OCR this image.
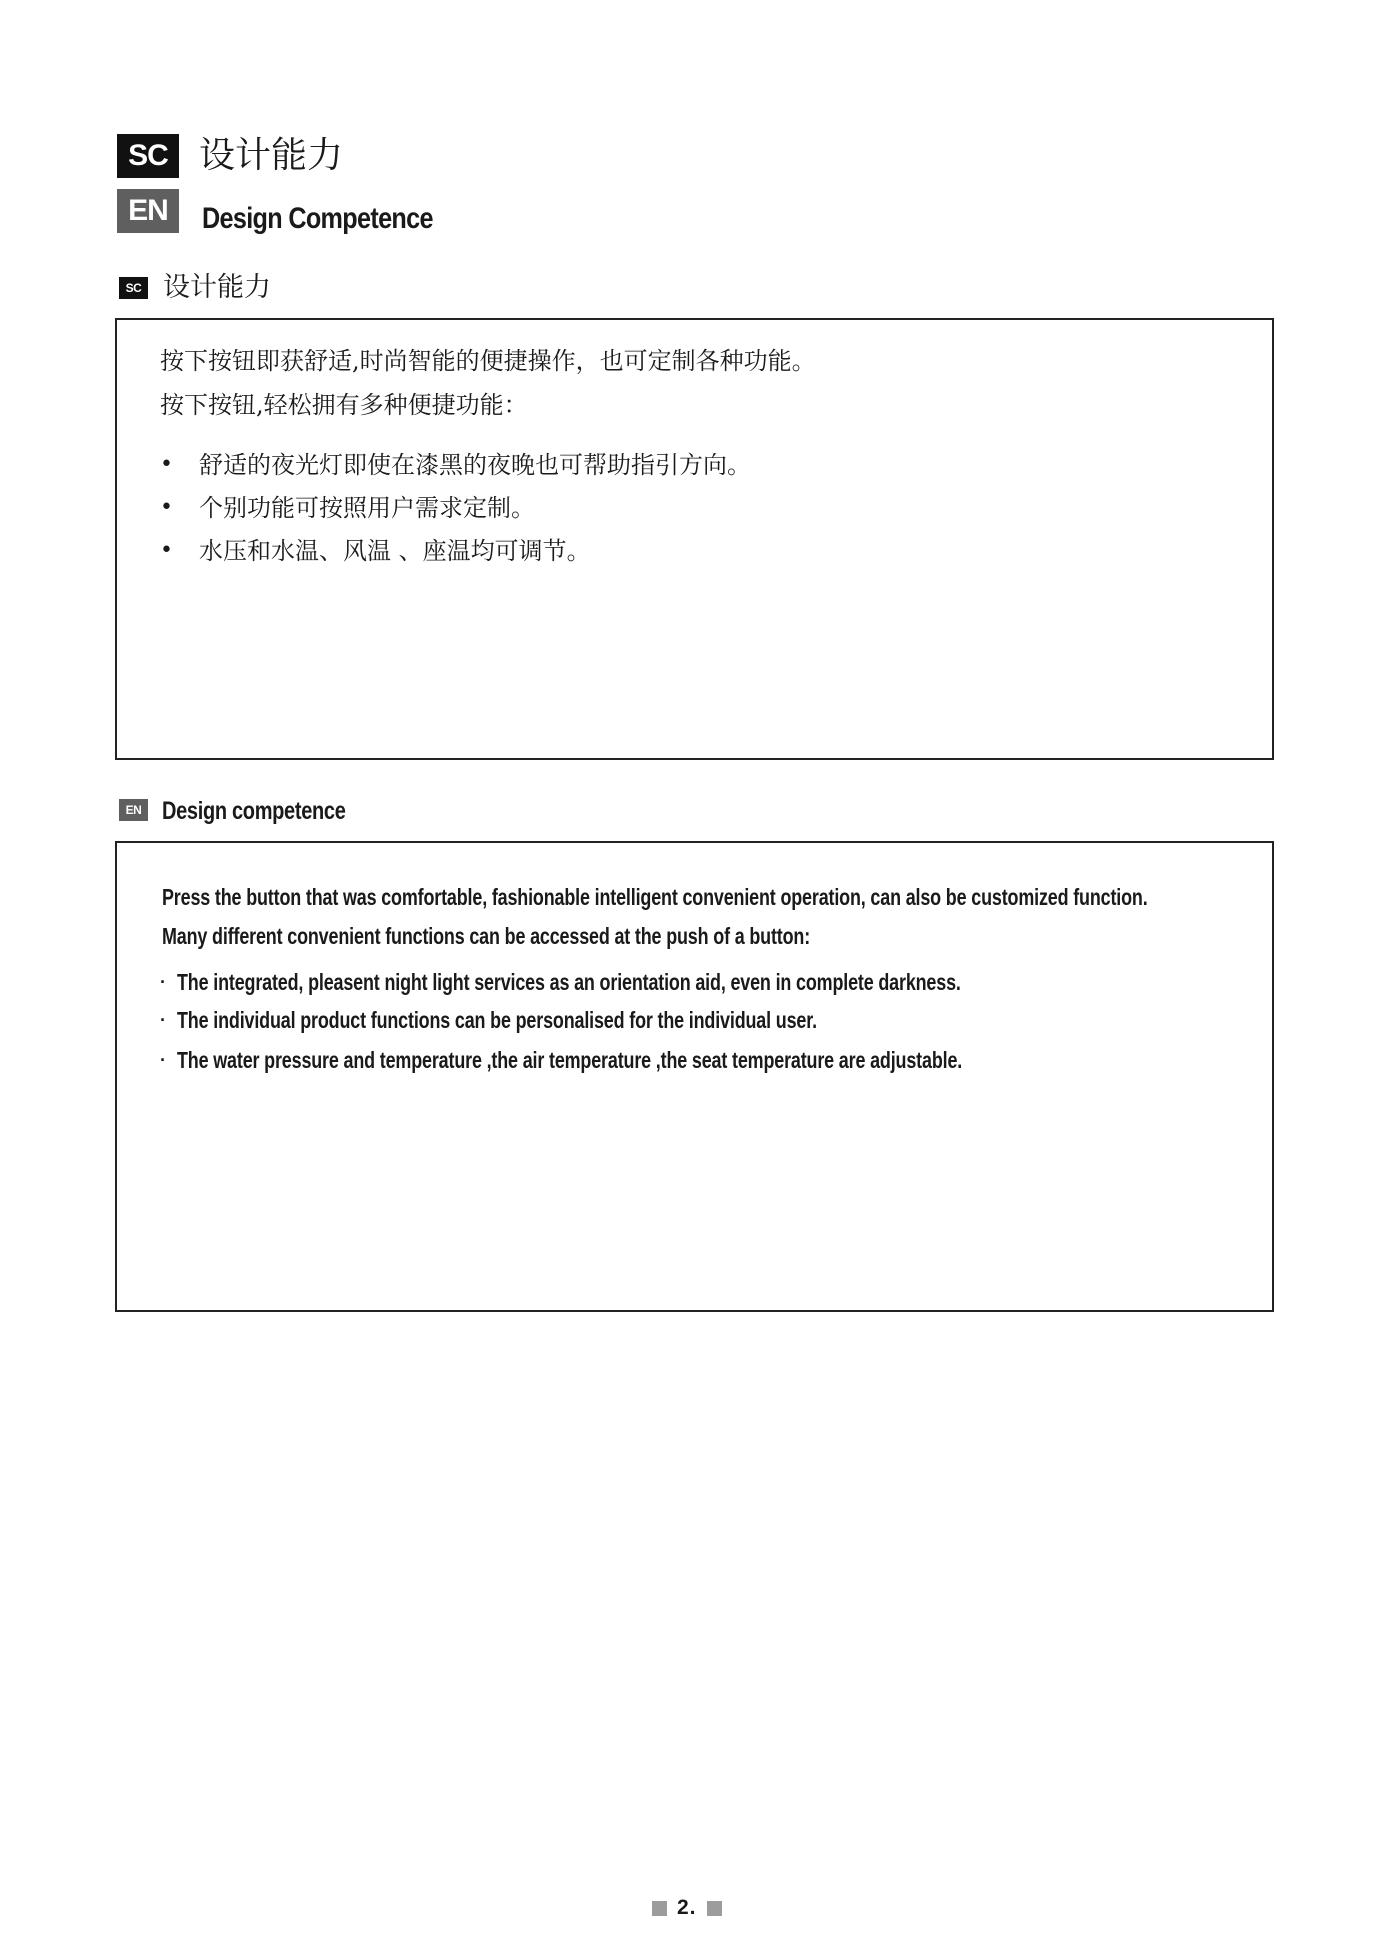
SC 设计能力
EN	Design Competence
SC 设计能力
按下按钮即获舒适,时尚智能的便捷操作，也可定制各种功能。
按下按钮,轻松拥有多种便捷功能：
• 舒适的夜光灯即使在漆黑的夜晚也可帮助指引方向。
• 个别功能可按照用户需求定制。
• 水压和水温、风温 、座温均可调节。
EN Design competence
Press the button that was comfortable, fashionable intelligent convenient operation, can also be customized function.
Many different convenient functions can be accessed at the push of a button:
· The integrated, pleasent night light services as an orientation aid, even in complete darkness.
· The individual product functions can be personalised for the individual user.
· The water pressure and temperature ,the air temperature ,the seat temperature are adjustable.
2.
